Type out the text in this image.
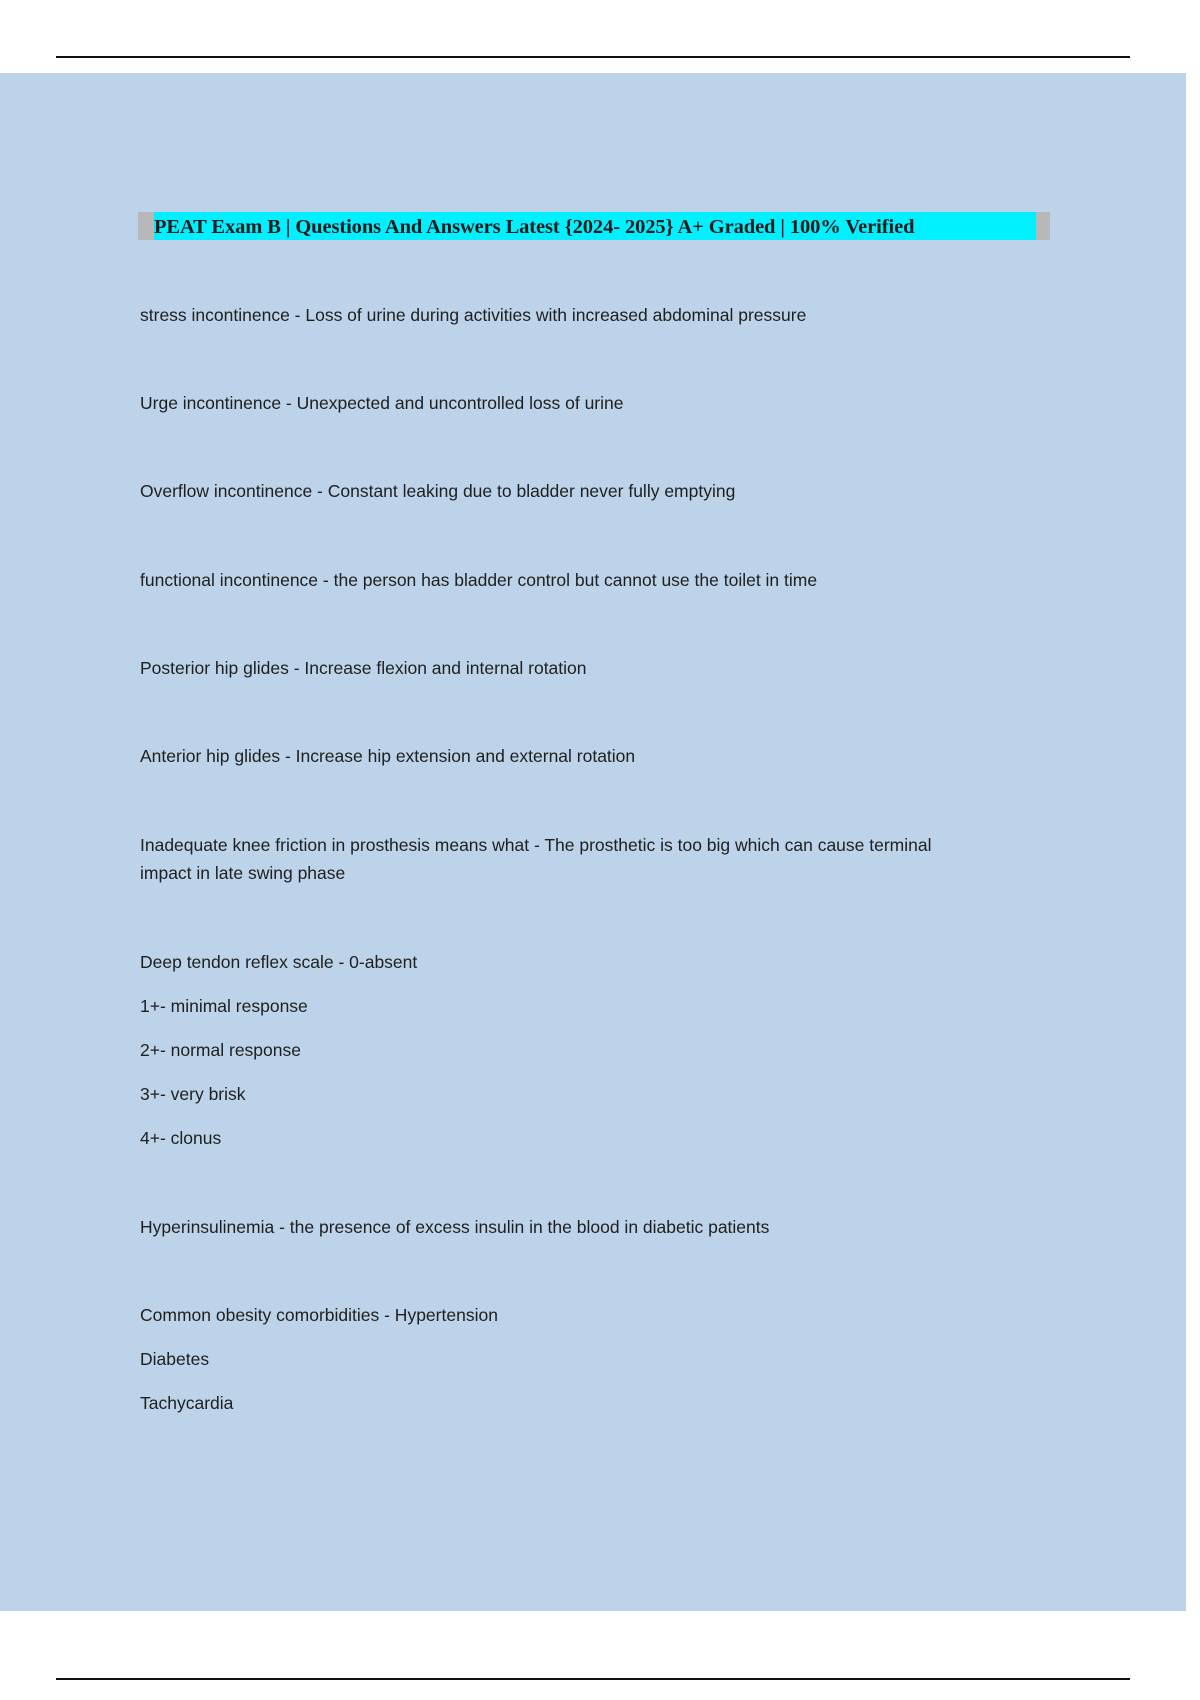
PEAT Exam B | Questions And Answers Latest {2024- 2025} A+ Graded | 100% Verified

stress incontinence - Loss of urine during activities with increased abdominal pressure

Urge incontinence - Unexpected and uncontrolled loss of urine

Overflow incontinence - Constant leaking due to bladder never fully emptying

functional incontinence - the person has bladder control but cannot use the toilet in time

Posterior hip glides - Increase flexion and internal rotation

Anterior hip glides - Increase hip extension and external rotation

Inadequate knee friction in prosthesis means what - The prosthetic is too big which can cause terminal

impact in late swing phase

Deep tendon reflex scale - 0-absent

1+- minimal response

2+- normal response

3+- very brisk

4+- clonus

Hyperinsulinemia - the presence of excess insulin in the blood in diabetic patients

Common obesity comorbidities - Hypertension

Diabetes

Tachycardia
